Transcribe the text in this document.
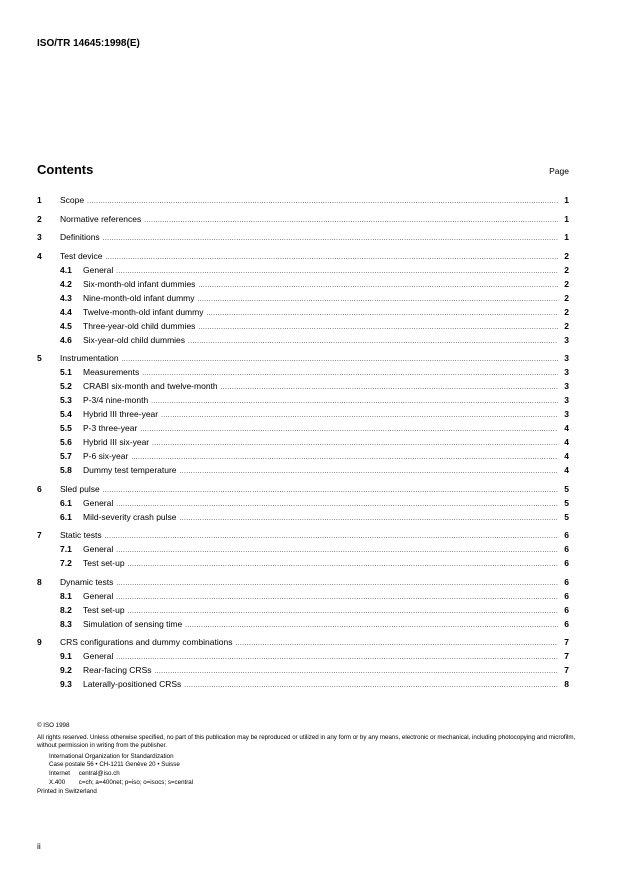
ISO/TR 14645:1998(E)
Contents	Page
1	Scope .....	1
2	Normative references .....	1
3	Definitions .....	1
4	Test device .....	2
4.1	General .....	2
4.2	Six-month-old infant dummies .....	2
4.3	Nine-month-old infant dummy .....	2
4.4	Twelve-month-old infant dummy .....	2
4.5	Three-year-old child dummies .....	2
4.6	Six-year-old child dummies .....	3
5	Instrumentation .....	3
5.1	Measurements .....	3
5.2	CRABI six-month and twelve-month .....	3
5.3	P-3/4 nine-month .....	3
5.4	Hybrid III three-year .....	3
5.5	P-3 three-year .....	4
5.6	Hybrid III six-year .....	4
5.7	P-6 six-year .....	4
5.8	Dummy test temperature .....	4
6	Sled pulse .....	5
6.1	General .....	5
6.1	Mild-severity crash pulse .....	5
7	Static tests .....	6
7.1	General .....	6
7.2	Test set-up .....	6
8	Dynamic tests .....	6
8.1	General .....	6
8.2	Test set-up .....	6
8.3	Simulation of sensing time .....	6
9	CRS configurations and dummy combinations .....	7
9.1	General .....	7
9.2	Rear-facing CRSs .....	7
9.3	Laterally-positioned CRSs .....	8
© ISO 1998
All rights reserved. Unless otherwise specified, no part of this publication may be reproduced or utilized in any form or by any means, electronic or mechanical, including photocopying and microfilm, without permission in writing from the publisher.
International Organization for Standardization
Case postale 56 • CH-1211 Genève 20 • Suisse
Internet central@iso.ch
X.400 c=ch; a=400net; p=iso; o=isocs; s=central
Printed in Switzerland
ii
